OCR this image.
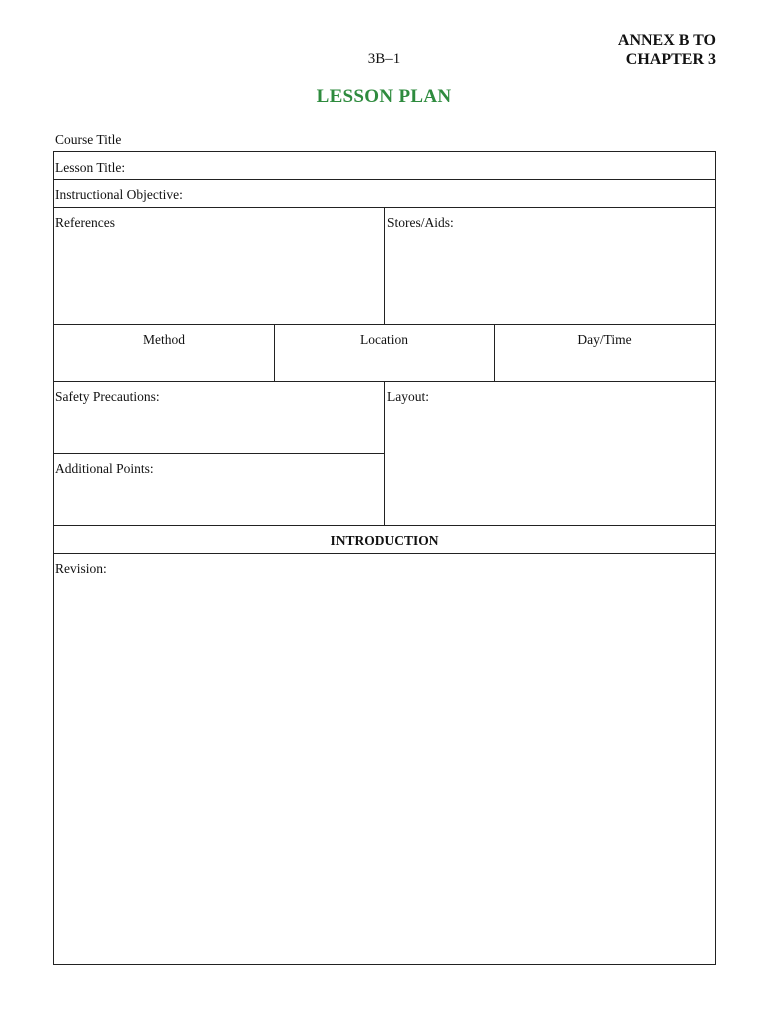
3B–1
ANNEX B TO
CHAPTER 3
LESSON PLAN
Course Title
Lesson Title:
Instructional Objective:
References	Stores/Aids:
Method	Location	Day/Time
Safety Precautions:	Layout:
Additional Points:
INTRODUCTION
Revision:
